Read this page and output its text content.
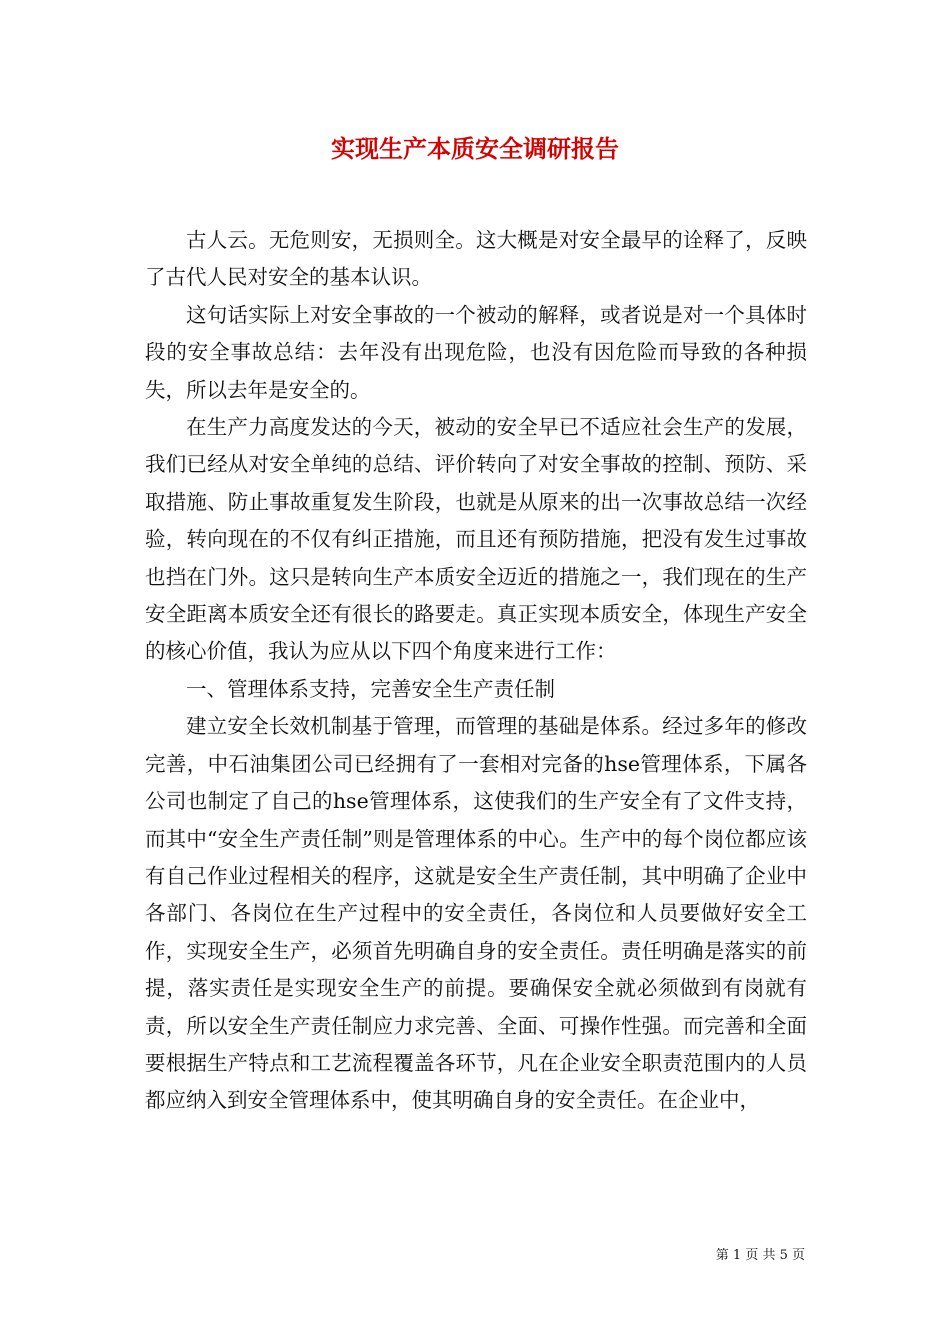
实现生产本质安全调研报告

古人云。无危则安，无损则全。这大概是对安全最早的诠释了，反映了古代人民对安全的基本认识。

这句话实际上对安全事故的一个被动的解释，或者说是对一个具体时段的安全事故总结：去年没有出现危险，也没有因危险而导致的各种损失，所以去年是安全的。

在生产力高度发达的今天，被动的安全早已不适应社会生产的发展，我们已经从对安全单纯的总结、评价转向了对安全事故的控制、预防、采取措施、防止事故重复发生阶段，也就是从原来的出一次事故总结一次经验，转向现在的不仅有纠正措施，而且还有预防措施，把没有发生过事故也挡在门外。这只是转向生产本质安全迈近的措施之一，我们现在的生产安全距离本质安全还有很长的路要走。真正实现本质安全，体现生产安全的核心价值，我认为应从以下四个角度来进行工作：

一、管理体系支持，完善安全生产责任制

建立安全长效机制基于管理，而管理的基础是体系。经过多年的修改完善，中石油集团公司已经拥有了一套相对完备的hse管理体系，下属各公司也制定了自己的hse管理体系，这使我们的生产安全有了文件支持，而其中“安全生产责任制”则是管理体系的中心。生产中的每个岗位都应该有自己作业过程相关的程序，这就是安全生产责任制，其中明确了企业中各部门、各岗位在生产过程中的安全责任，各岗位和人员要做好安全工作，实现安全生产，必须首先明确自身的安全责任。责任明确是落实的前提，落实责任是实现安全生产的前提。要确保安全就必须做到有岗就有责，所以安全生产责任制应力求完善、全面、可操作性强。而完善和全面要根据生产特点和工艺流程覆盖各环节，凡在企业安全职责范围内的人员都应纳入到安全管理体系中，使其明确自身的安全责任。在企业中，

第 1 页 共 5 页
